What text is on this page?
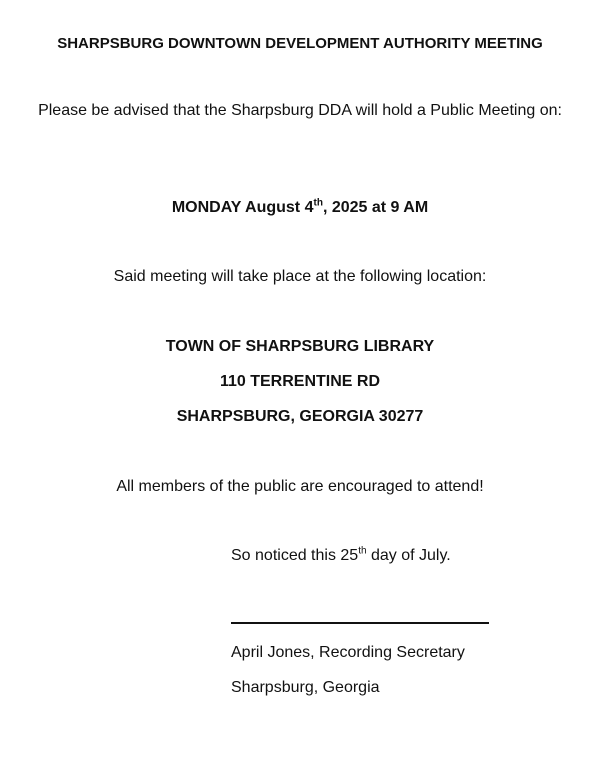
SHARPSBURG DOWNTOWN DEVELOPMENT AUTHORITY MEETING
Please be advised that the Sharpsburg DDA will hold a Public Meeting on:
MONDAY August 4th, 2025 at 9 AM
Said meeting will take place at the following location:
TOWN OF SHARPSBURG LIBRARY
110 TERRENTINE RD
SHARPSBURG, GEORGIA 30277
All members of the public are encouraged to attend!
So noticed this 25th day of July.
April Jones, Recording Secretary
Sharpsburg, Georgia
